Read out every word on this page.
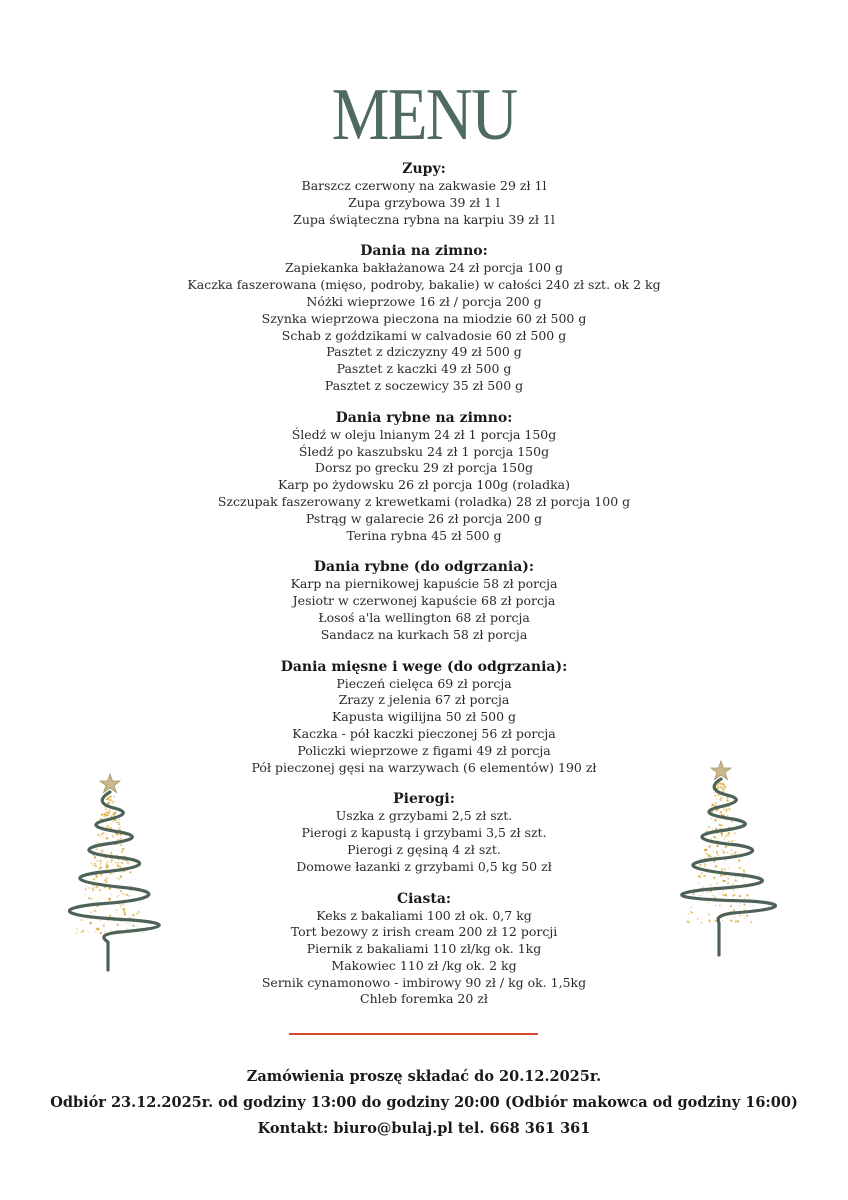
MENU
Zupy:
Barszcz czerwony na zakwasie 29 zł 1l
Zupa grzybowa 39 zł 1 l
Zupa świąteczna rybna na karpiu 39 zł 1l
Dania na zimno:
Zapiekanka bakłażanowa 24 zł porcja 100 g
Kaczka faszerowana (mięso, podroby, bakalie) w całości 240 zł szt. ok 2 kg
Nóżki wieprzowe 16 zł / porcja 200 g
Szynka wieprzowa pieczona na miodzie 60 zł 500 g
Schab z goździkami w calvadosie 60 zł 500 g
Pasztet z dziczyzny 49 zł 500 g
Pasztet z kaczki 49 zł 500 g
Pasztet z soczewicy 35 zł 500 g
Dania rybne na zimno:
Śledź w oleju lnianym 24 zł 1 porcja 150g
Śledź po kaszubsku 24 zł 1 porcja 150g
Dorsz po grecku 29 zł porcja 150g
Karp po żydowsku 26 zł porcja 100g (roladka)
Szczupak faszerowany z krewetkami (roladka) 28 zł porcja 100 g
Pstrąg w galarecie 26 zł porcja 200 g
Terina rybna 45 zł 500 g
Dania rybne (do odgrzania):
Karp na piernikowej kapuście 58 zł porcja
Jesiotr w czerwonej kapuście 68 zł porcja
Łosoś a'la wellington 68 zł porcja
Sandacz na kurkach 58 zł porcja
Dania mięsne i wege (do odgrzania):
Pieczeń cielęca 69 zł porcja
Zrazy z jelenia 67 zł porcja
Kapusta wigilijna 50 zł 500 g
Kaczka - pół kaczki pieczonej 56 zł porcja
Policzki wieprzowe z figami 49 zł porcja
Pół pieczonej gęsi na warzywach (6 elementów) 190 zł
Pierogi:
Uszka z grzybami 2,5 zł szt.
Pierogi z kapustą i grzybami 3,5 zł szt.
Pierogi z gęsiną 4 zł szt.
Domowe łazanki z grzybami 0,5 kg 50 zł
Ciasta:
Keks z bakaliami 100 zł ok. 0,7 kg
Tort bezowy z irish cream 200 zł 12 porcji
Piernik z bakaliami 110 zł/kg ok. 1kg
Makowiec 110 zł /kg ok. 2 kg
Sernik cynamonowo - imbirowy 90 zł / kg ok. 1,5kg
Chleb foremka 20 zł
Zamówienia proszę składać do 20.12.2025r.
Odbiór 23.12.2025r. od godziny 13:00 do godziny 20:00 (Odbiór makowca od godziny 16:00)
Kontakt: biuro@bulaj.pl tel. 668 361 361
